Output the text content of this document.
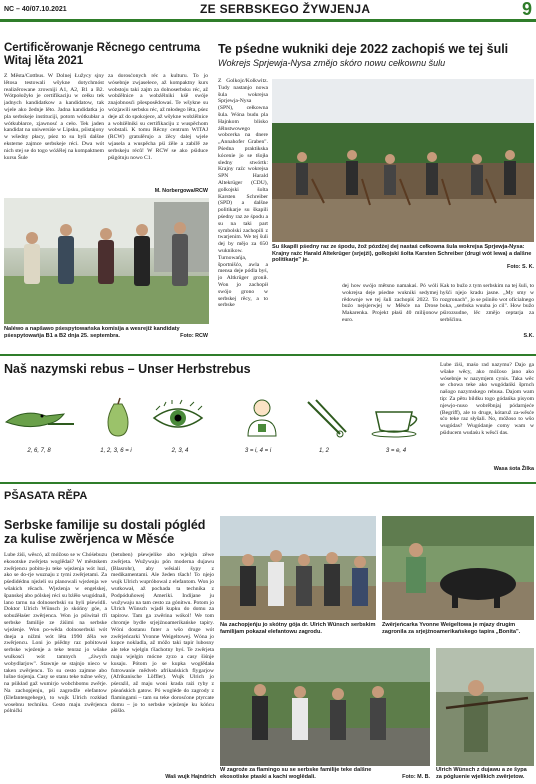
NC – 40/07.10.2021	ZE SERBSKEGO ŽYWJENJA	9
Certificěrowanje Rěcnego centruma Witaj lěta 2021
Z Města/Cottbus. W Dolnej Łužycy sjnу lětosa testowali wšykne dotychmóst realizěrowane zrowniji A1, A2, B1 a B2. Wótpołožyło je certifikaciju w cełku tek jadnych kandidatkow a kandidatow, tak wjele ako žednje lěto. Jadna kandidatka jo pla serbskeje instituciji, potom wótkubłar a wótkubłarce, zjawnosć a ceło. Tek jaden kandidat na uniwersiśe w Lipsku, pśistajony w wšedny płacy, pśez to su byli dalšne eksterne zajmce serbskeje réci. Dwa wót nich stej se do togo wóźělej na kompaktnem kursu Šule
za dorosćonych réc a kulturu. To jo wósebnje zwjaselece, až kompaktny kurs wobstoju taki zajm za dolnoserbsku réc, až wobźělnice a wobźělniki kśě swóje znajobnosći pšesposědowaś. Te wšykne su wózjawili serbsku réc, až młodego lěta, pśez deje až do spokojece, až wšykne wobźělnice a wobźělniki su certifikaciju z wuspěchom wobstali. K tomu Rěcny centrum WITAJ (RCW) gratulěrujo a źěcy dalej wjele wjasela a wuspěcha pśi źěle a zabiřě ze serbskeju réců! W RCW se ako pśiduce pśigótuju nowo C1.
M. Norbergowa/RCW
Naléwo a napšawo pśespytowańska komisija a wesrejiž kandidaty pśespytowańja B1 a B2 dnja 25. septembra.	Foto: RCW
Te pśedne wukniki deje 2022 zachopiś we tej šuli
Wokrejs Sprjewja-Nysa změjo skóro nowu cełkownu šulu
Z Golkojc/Kolkwitz. Tudy nastanjo nowa šula wokrejsa Sprjewja-Nysa (SPN), cełkowna šula. Wóna budu pla Hajnkom blisko źělnstwowego wobcerka na dnere „Annahofer Graben". Pśedna praktikska kócenie jo se tšojła sledny stwórtk: Krajny raźc wokrejsa SPN Harald Altekrüger (CDU), golkojski šolta Karsten Schreiber (SPD) a dalšne politikarje su škapili pśedny raz ze śpodu a su na taki part symbolski zachopili z twarjenim. We tej šuli dej by mějo za 650 wuknikow. Turnowańja, športnišćo, awla a mensa deje pódla byś, jo Altkrüger gronił. Won jo zachopił swójo gronо w serbskej rěcy, a to serbske
Su škapili pśedny raz ze śpodu, žož pózdźej dej nastaś cełkowna šula wokrejsa Sprjewja-Nysa: Krajny raźc Harald Altekrüger (srjejźi), golkojski šolta Karsten Schreiber (drugi wót lewa) a dalšne politikarje" je.
Foto: S. K.
dej how swójo mětsno namakaś. Pó wóli wokrejsa deje pśedne wukniki sedymej rědownje we tej šuli zachopiś 2022. To buźo nejsjerwjej w Měsće na Drose Makarenka. Projekt płaśi 40 milijonow euro.
Kak to bužo z tym serbskim na tej šuli, to hyšći njejo kradu jasne. „My smy w rozgronach", jo se pśiniło wot oficialnego boka, „serbska wuuba jo cil". How bužo pśirozsudne, lěc změjo ceptarja za serbšćinu.
S.K.
Naš nazymski rebus – Unser Herbstrebus
2, 6, 7, 8	1, 2, 3, 6 = i	2, 3, 4	3 = i, 4 = i	1, 2	3 = e, 4
Lube źiśi, maśo rad nazymu? Dajo ga wšake wěcy, ako móžoso jano ako wósebnje w nazymjem cynis. Taka wěc se chowa teke ako wugódańki šprnch našogo nazymskego rebusa. Dajom wam tip: Za pětu bildku togo gódańka pisyom njewjo-nuso wobrěbnjaj pódarnjeće (Begriff), ale to druge, kótaruž za-wěsće sćo teke raz słyšali. No, móžoso to wšo wugódas? Wugódanje comy wam w pśiducem wudaśu k wěsćí das.
Wasa śota Žilka
PŠASATA RĚPA
Serbske familije su dostali pógléd za kulise zwěrjenca w Měsće
Lube źiśi, wěscó, až móžoso se w Chóśebuzu ekosotske zwěrjeta woglědaś? W městskem zwěrjencu pobitu-ju teke wjeźenja wót luzi, ako se do-rje wuznaju z tymi zwěrjetami. Za pśedidédnu njeźeli su planowali wjeźenja we wšakich rěcach. Wjeźenja w engelskej, španskej abo pólskej réci su bźěło wugódnali, lano tarnu na dolnoserbski su byli pśewidli. Doktor Ulrich Wünsch jo skóńny góe, a sobuźěłaśer zwěrjenca. Won jo pśiwitał tři serbske familije ze źiśimi na serbske wjeźenje. Won po-wěda dolnoserbski wót dneja a nižmi wót lěta 1990 źěla we zwěrjencu. Loni jo pśědny raz pobitował serbske wjeźenje a teke tenraz jo wšake wulkosći wót tamnych „źiwych wobydlarjow". Stawnje se stajnjo nieco w taken zwěrjencu. To su cesto zajmne abo lušne tiojenja. Casy se stanu teke tužne wěcy, na pśikład gaž wumirjo wobchbomu zwěrje. Na zachopjenju, pśi zagrodže elefantow (Elefantengehege), to wujk Ulrich rozkład wosebnu techniku. Cesto maju zwěrjenca pólnički
(betuben) pśewjelike abo wjelgin zěwe zwěrjeta. Wužywaju pón moderna dujawu (Blasrohr), aby wěsiali šypy z medikamentami. Ale žeden tšach! To njejo wujk Ulrich wupróbowal z elefantom. Won jo wutkował, až pochada ta technika z Podpóduňowej Ameriki. Indijane ju wužywaju na tam cesto za gónitwu. Potom jo Ulrich Wünsch wjadł kupku do domu za tapirow. Tam ga zwěrina wókol! We tom chromje bydle srjejźnoamerikańske tapiry. Wóni dostanu futer a wšo druge wót zwěrjeńcarki Yvonne Weigeltowej. Wóna jo kupce nokladla, až móžo taki tapir lubosny ale teke wjelgin ťšachotny byś. Te zwěrjeta maju wjelgin mócne zyzo a casy šiśnje kusaju. Pótom jo se kupka woglědała futrowanie mědveb afrikańskich flygarjow (Afrikanische Löffler). Wujk Ulrich jo pśeraźil, až maju woni krada rażi ryby z pśeańskich gatow. Pó wogléde do zagrody z flamingami – tam su teke dorosćone ptyrcate domu – jo to serbske wjeźenje ku kóńcu pśišlo.
Waš wujk Hajndrich
Na zachopjeńju jo skótny gója dr. Ulrich Wünsch serbskim familijam pokazał elefantowu zagrodu.
Zwěrjeńcarka Yvonne Weigeltowa je mjazy drugim zagronila za srjejźnoamerikańskego tapira „Bonita".
W zagroźe za flamingo su se serbske familije teke dalšne ekosotiske ptaski a kachi woglědali.	Foto: M. B.
Ulrich Wünsch z dujawu a ze šypa za pógluenie wjelikich zwěrjetow.
